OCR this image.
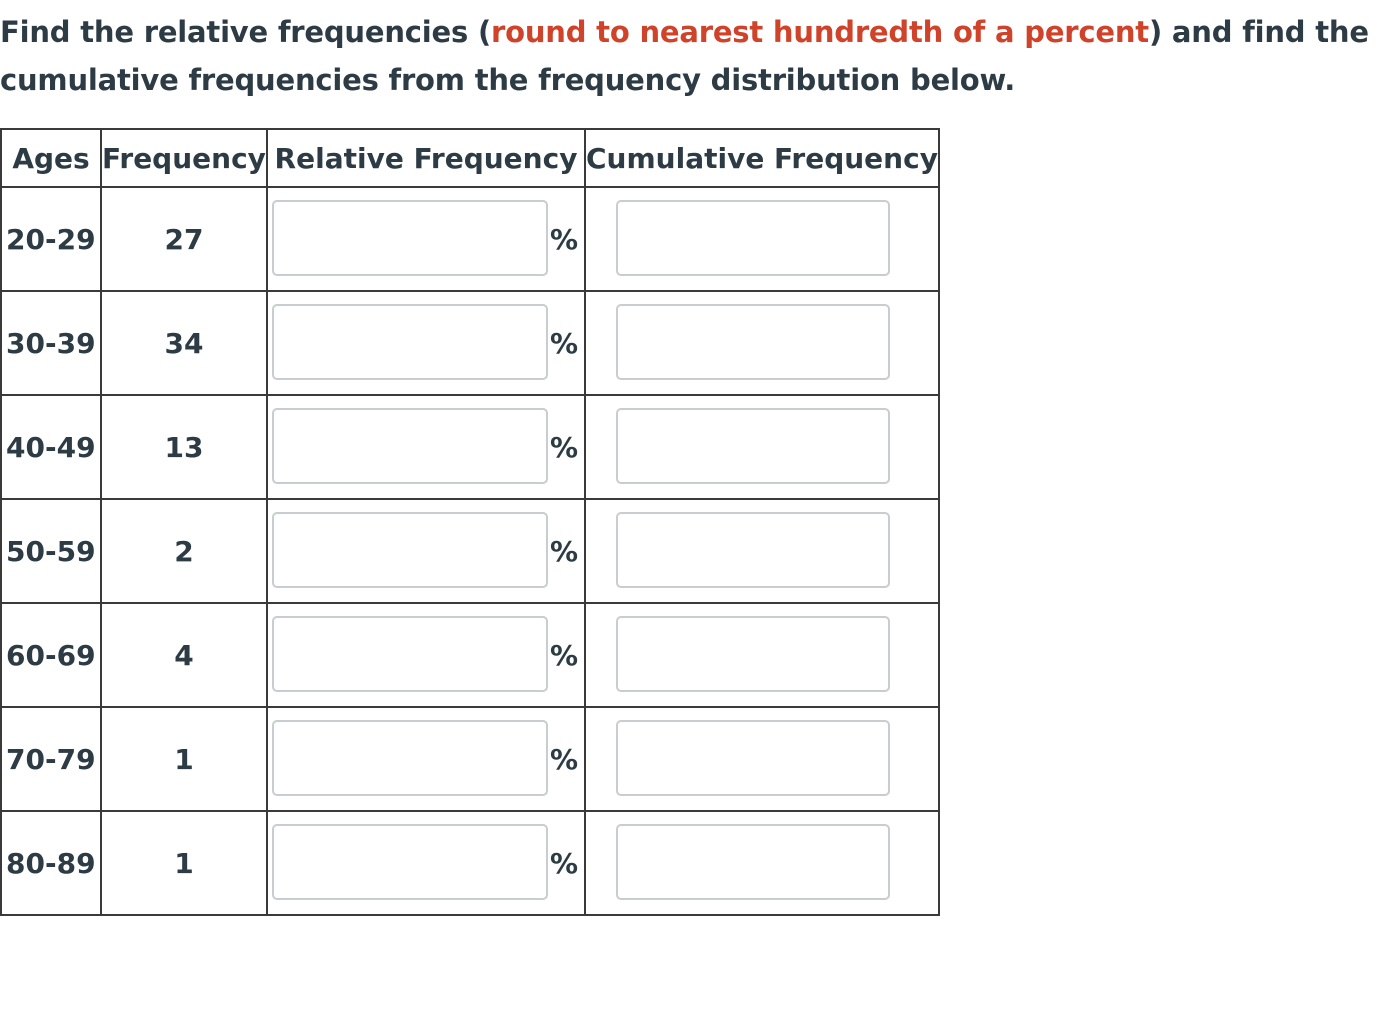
Find the relative frequencies (round to nearest hundredth of a percent) and find the cumulative frequencies from the frequency distribution below.
Ages	Frequency	Relative Frequency	Cumulative Frequency
20-29	27	%

30-39	34	%

40-49	13	%

50-59	2	%

60-69	4	%

70-79	1	%

80-89	1	%
